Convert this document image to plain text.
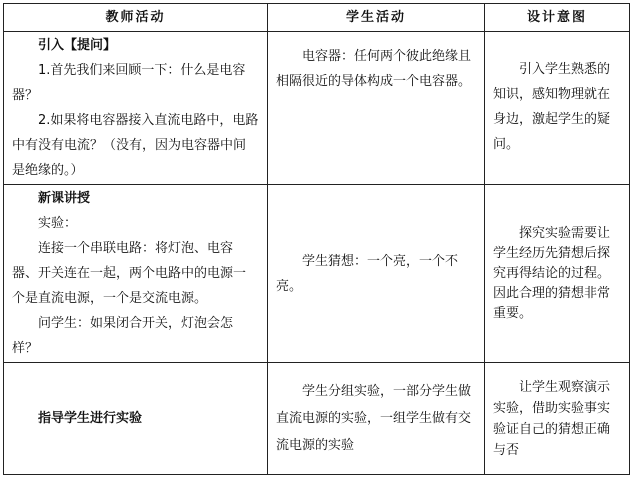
教师活动	学生活动	设计意图

引入【提问】

1.首先我们来回顾一下：什么是电容器？

2.如果将电容器接入直流电路中，电路中有没有电流？（没有，因为电容器中间是绝缘的。）	电容器：任何两个彼此绝缘且相隔很近的导体构成一个电容器。	引入学生熟悉的知识，感知物理就在身边，激起学生的疑问。

新课讲授

实验：

连接一个串联电路：将灯泡、电容器、开关连在一起，两个电路中的电源一个是直流电源，一个是交流电源。

问学生：如果闭合开关，灯泡会怎样？	学生猜想：一个亮，一个不亮。	探究实验需要让学生经历先猜想后探究再得结论的过程。因此合理的猜想非常重要。

指导学生进行实验	学生分组实验，一部分学生做直流电源的实验，一组学生做有交流电源的实验	让学生观察演示实验，借助实验事实验证自己的猜想正确与否
